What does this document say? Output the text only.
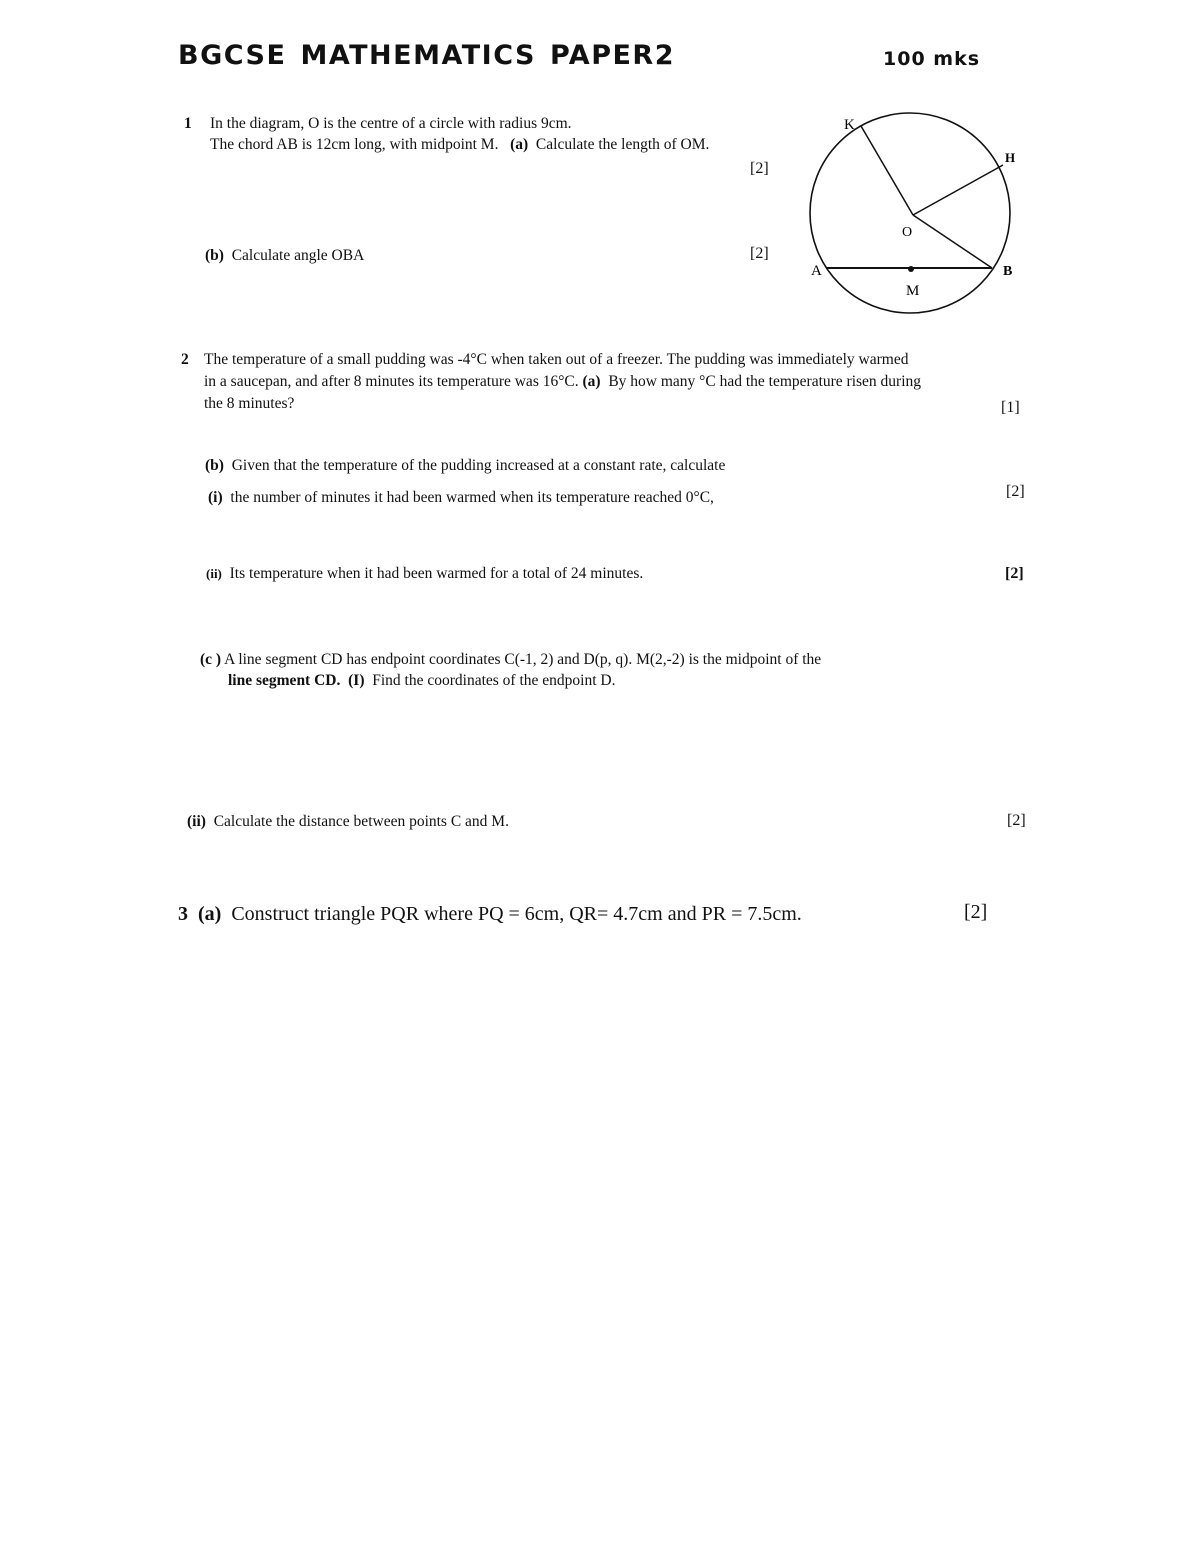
BGCSE MATHEMATICS PAPER2	100 mks
1 In the diagram, O is the centre of a circle with radius 9cm.
The chord AB is 12cm long, with midpoint M. (a) Calculate the length of OM.
[2]
(b) Calculate angle OBA	[2]
K
H
O
A	B
M
2 The temperature of a small pudding was -4°C when taken out of a freezer. The pudding was immediately warmed
in a saucepan, and after 8 minutes its temperature was 16°C. (a) By how many °C had the temperature risen during
the 8 minutes?	[1]
(b) Given that the temperature of the pudding increased at a constant rate, calculate
(i) the number of minutes it had been warmed when its temperature reached 0°C,	[2]
(ii) Its temperature when it had been warmed for a total of 24 minutes.	[2]
(c ) A line segment CD has endpoint coordinates C(-1, 2) and D(p, q). M(2,-2) is the midpoint of the
line segment CD. (I) Find the coordinates of the endpoint D.
(ii) Calculate the distance between points C and M.	[2]
3 (a) Construct triangle PQR where PQ = 6cm, QR= 4.7cm and PR = 7.5cm.	[2]
